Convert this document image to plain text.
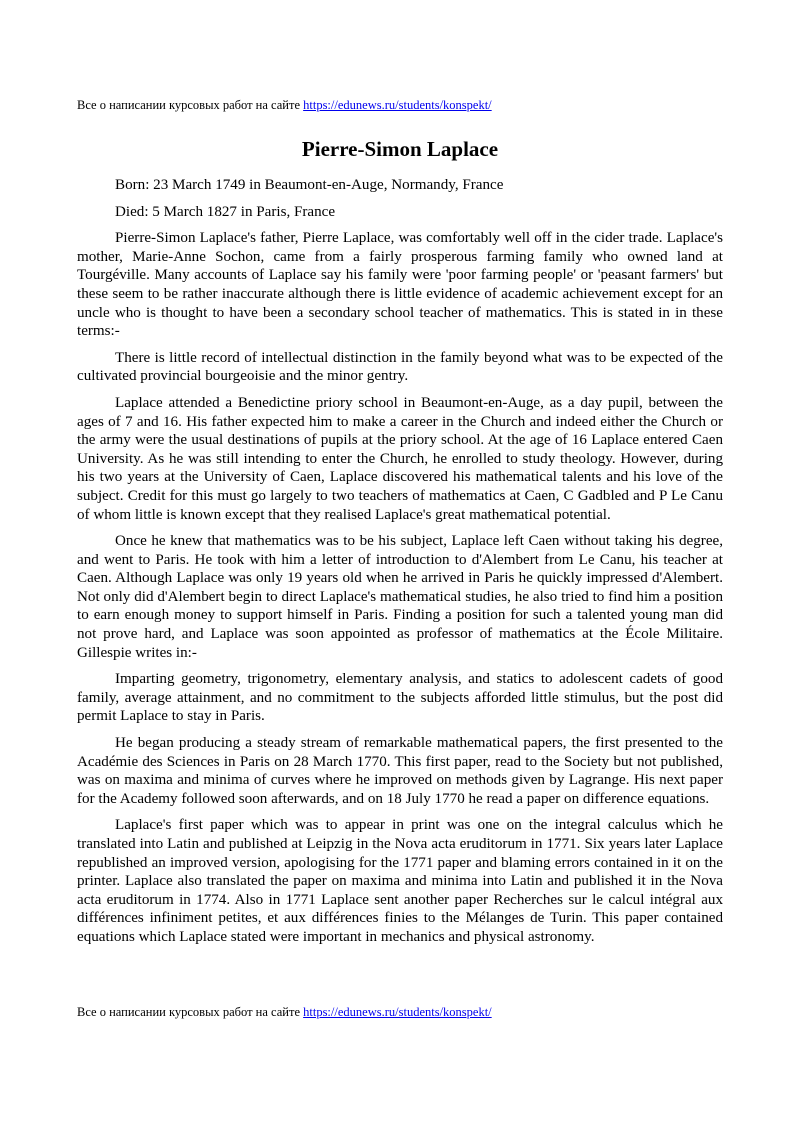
Все о написании курсовых работ на сайте https://edunews.ru/students/konspekt/
Pierre-Simon Laplace

Born: 23 March 1749 in Beaumont-en-Auge, Normandy, France

Died: 5 March 1827 in Paris, France

Pierre-Simon Laplace's father, Pierre Laplace, was comfortably well off in the cider trade. Laplace's mother, Marie-Anne Sochon, came from a fairly prosperous farming family who owned land at Tourgéville. Many accounts of Laplace say his family were 'poor farming people' or 'peasant farmers' but these seem to be rather inaccurate although there is little evidence of academic achievement except for an uncle who is thought to have been a secondary school teacher of mathematics. This is stated in in these terms:-

There is little record of intellectual distinction in the family beyond what was to be expected of the cultivated provincial bourgeoisie and the minor gentry.

Laplace attended a Benedictine priory school in Beaumont-en-Auge, as a day pupil, between the ages of 7 and 16. His father expected him to make a career in the Church and indeed either the Church or the army were the usual destinations of pupils at the priory school. At the age of 16 Laplace entered Caen University. As he was still intending to enter the Church, he enrolled to study theology. However, during his two years at the University of Caen, Laplace discovered his mathematical talents and his love of the subject. Credit for this must go largely to two teachers of mathematics at Caen, C Gadbled and P Le Canu of whom little is known except that they realised Laplace's great mathematical potential.

Once he knew that mathematics was to be his subject, Laplace left Caen without taking his degree, and went to Paris. He took with him a letter of introduction to d'Alembert from Le Canu, his teacher at Caen. Although Laplace was only 19 years old when he arrived in Paris he quickly impressed d'Alembert. Not only did d'Alembert begin to direct Laplace's mathematical studies, he also tried to find him a position to earn enough money to support himself in Paris. Finding a position for such a talented young man did not prove hard, and Laplace was soon appointed as professor of mathematics at the École Militaire. Gillespie writes in:-

Imparting geometry, trigonometry, elementary analysis, and statics to adolescent cadets of good family, average attainment, and no commitment to the subjects afforded little stimulus, but the post did permit Laplace to stay in Paris.

He began producing a steady stream of remarkable mathematical papers, the first presented to the Académie des Sciences in Paris on 28 March 1770. This first paper, read to the Society but not published, was on maxima and minima of curves where he improved on methods given by Lagrange. His next paper for the Academy followed soon afterwards, and on 18 July 1770 he read a paper on difference equations.

Laplace's first paper which was to appear in print was one on the integral calculus which he translated into Latin and published at Leipzig in the Nova acta eruditorum in 1771. Six years later Laplace republished an improved version, apologising for the 1771 paper and blaming errors contained in it on the printer. Laplace also translated the paper on maxima and minima into Latin and published it in the Nova acta eruditorum in 1774. Also in 1771 Laplace sent another paper Recherches sur le calcul intégral aux différences infiniment petites, et aux différences finies to the Mélanges de Turin. This paper contained equations which Laplace stated were important in mechanics and physical astronomy.

Все о написании курсовых работ на сайте https://edunews.ru/students/konspekt/
